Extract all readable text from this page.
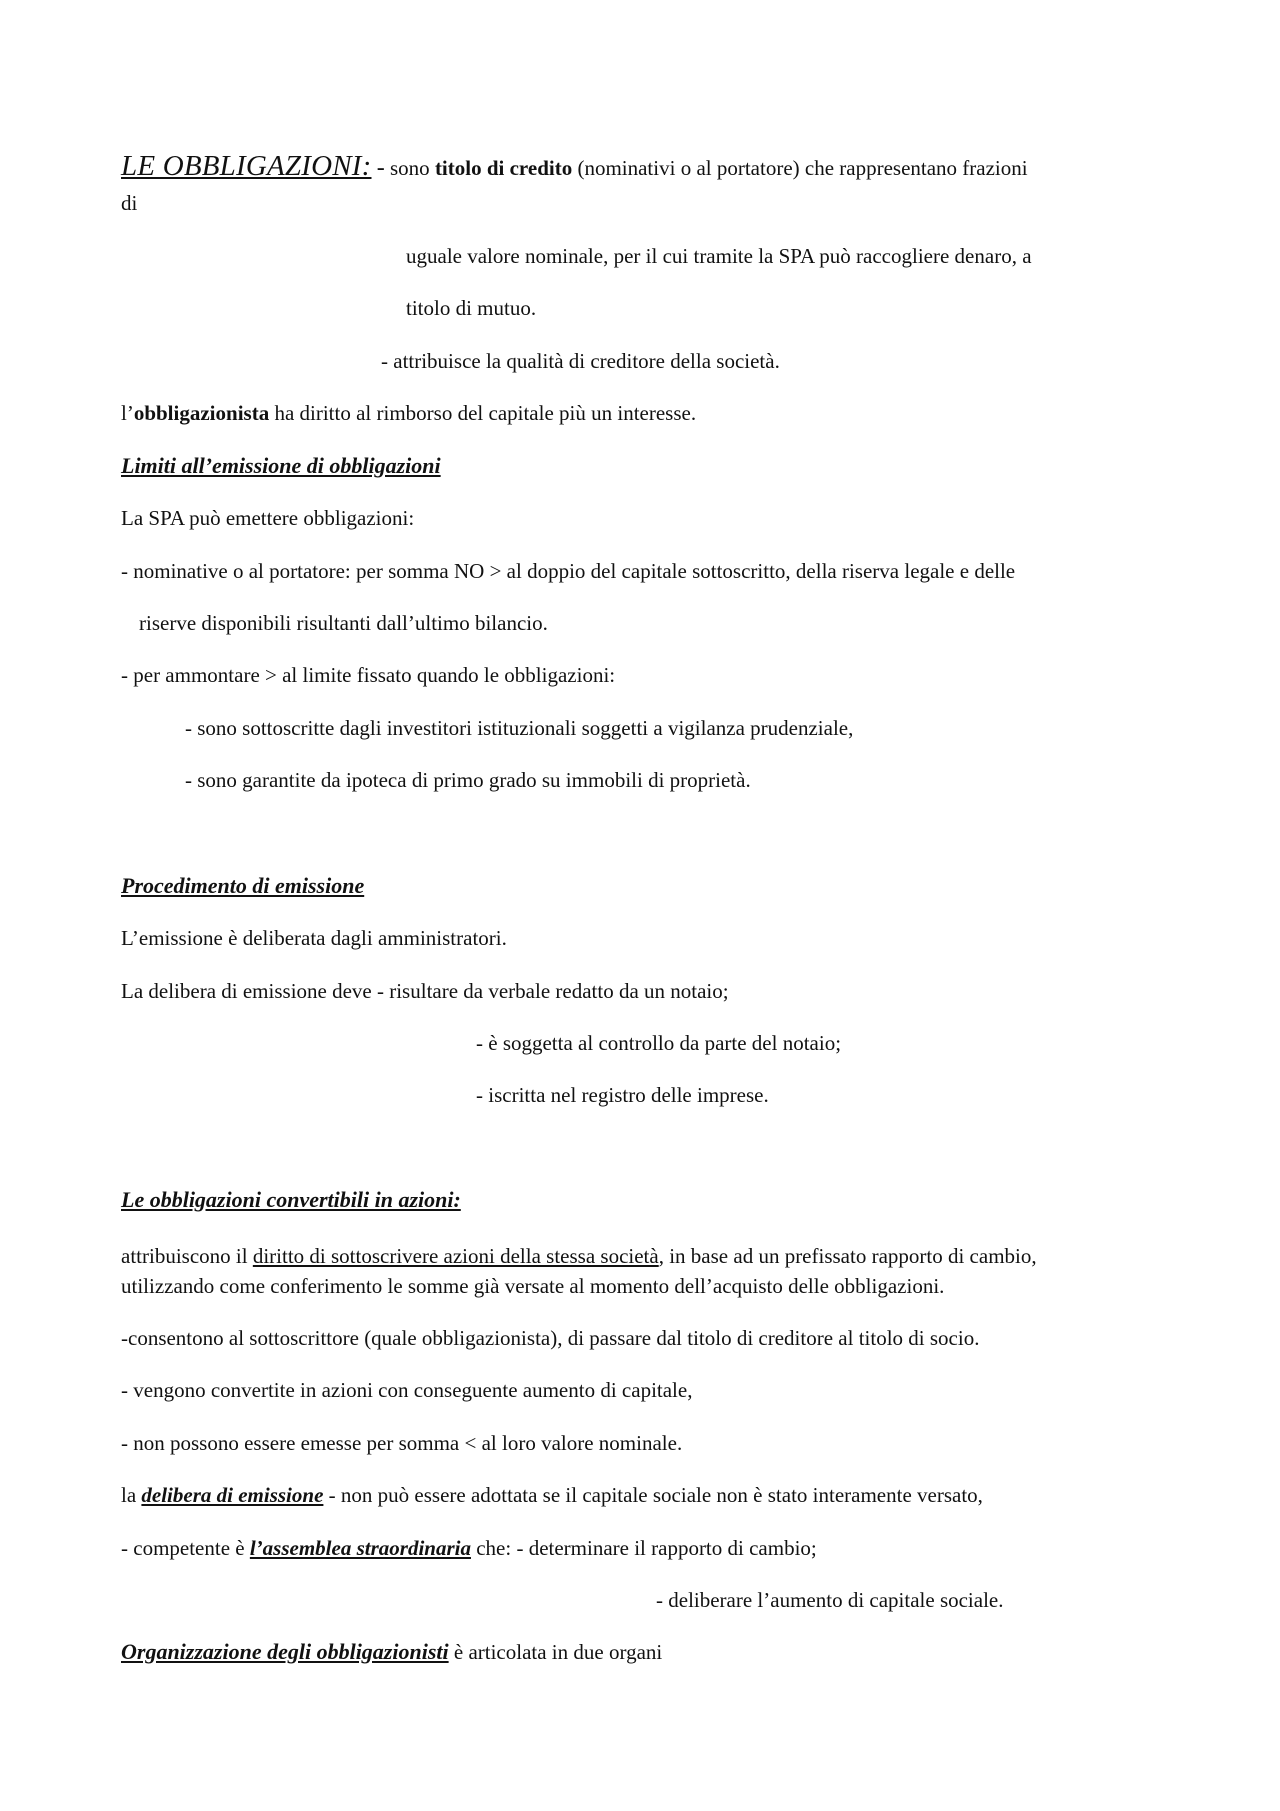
LE OBBLIGAZIONI: - sono titolo di credito (nominativi o al portatore) che rappresentano frazioni
di
uguale valore nominale, per il cui tramite la SPA può raccogliere denaro, a
titolo di mutuo.
- attribuisce la qualità di creditore della società.
l’obbligazionista ha diritto al rimborso del capitale più un interesse.
Limiti all’emissione di obbligazioni
La SPA può emettere obbligazioni:
- nominative o al portatore: per somma NO > al doppio del capitale sottoscritto, della riserva legale e delle
riserve disponibili risultanti dall’ultimo bilancio.
- per ammontare > al limite fissato quando le obbligazioni:
- sono sottoscritte dagli investitori istituzionali soggetti a vigilanza prudenziale,
- sono garantite da ipoteca di primo grado su immobili di proprietà.
Procedimento di emissione
L’emissione è deliberata dagli amministratori.
La delibera di emissione deve - risultare da verbale redatto da un notaio;
- è soggetta al controllo da parte del notaio;
- iscritta nel registro delle imprese.
Le obbligazioni convertibili in azioni:
attribuiscono il diritto di sottoscrivere azioni della stessa società, in base ad un prefissato rapporto di cambio,
utilizzando come conferimento le somme già versate al momento dell’acquisto delle obbligazioni.
-consentono al sottoscrittore (quale obbligazionista), di passare dal titolo di creditore al titolo di socio.
- vengono convertite in azioni con conseguente aumento di capitale,
- non possono essere emesse per somma < al loro valore nominale.
la delibera di emissione - non può essere adottata se il capitale sociale non è stato interamente versato,
- competente è l’assemblea straordinaria che: - determinare il rapporto di cambio;
- deliberare l’aumento di capitale sociale.
Organizzazione degli obbligazionisti è articolata in due organi
